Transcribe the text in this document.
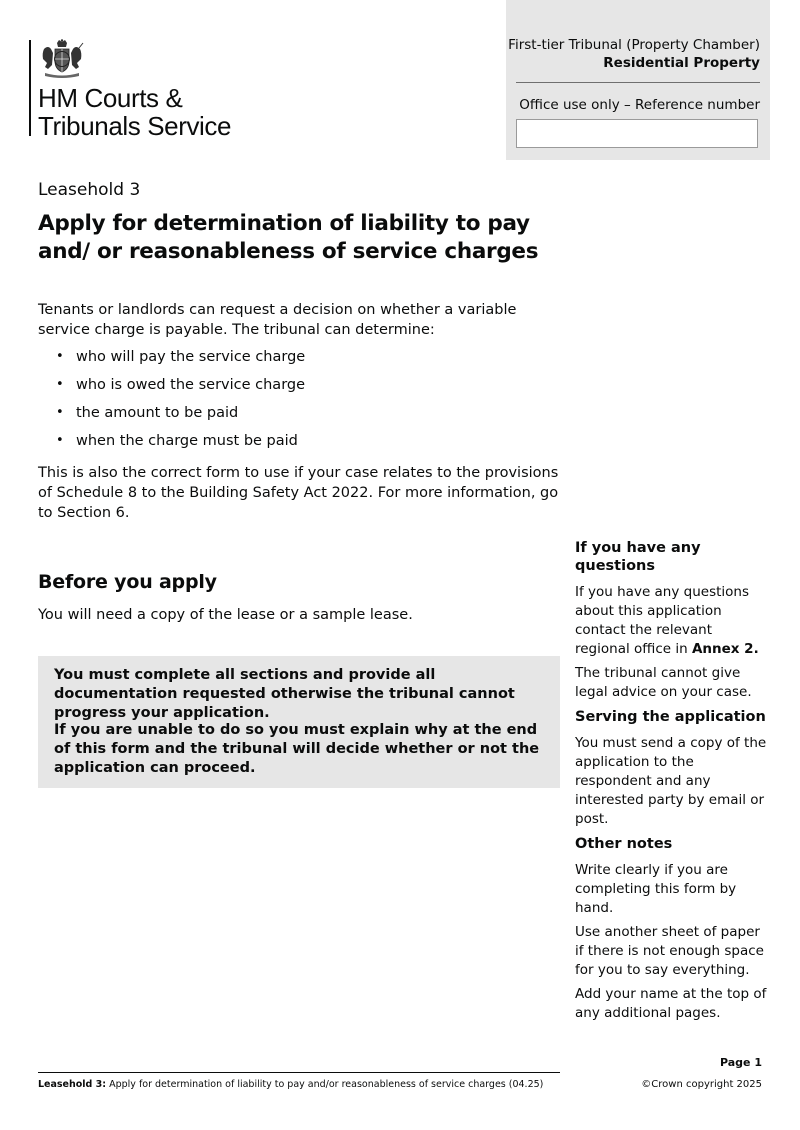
HM Courts &
Tribunals Service
First-tier Tribunal (Property Chamber)
Residential Property
Office use only – Reference number
Leasehold 3
Apply for determination of liability to pay and/ or reasonableness of service charges
Tenants or landlords can request a decision on whether a variable service charge is payable. The tribunal can determine:
• who will pay the service charge
• who is owed the service charge
• the amount to be paid
• when the charge must be paid
This is also the correct form to use if your case relates to the provisions of Schedule 8 to the Building Safety Act 2022. For more information, go to Section 6.
Before you apply
You will need a copy of the lease or a sample lease.
You must complete all sections and provide all documentation requested otherwise the tribunal cannot progress your application.
If you are unable to do so you must explain why at the end of this form and the tribunal will decide whether or not the application can proceed.
If you have any questions

If you have any questions about this application contact the relevant regional office in Annex 2.

The tribunal cannot give legal advice on your case.

Serving the application

You must send a copy of the application to the respondent and any interested party by email or post.

Other notes

Write clearly if you are completing this form by hand.

Use another sheet of paper if there is not enough space for you to say everything.

Add your name at the top of any additional pages.

Leasehold 3: Apply for determination of liability to pay and/or reasonableness of service charges (04.25)
Page 1
©Crown copyright 2025
